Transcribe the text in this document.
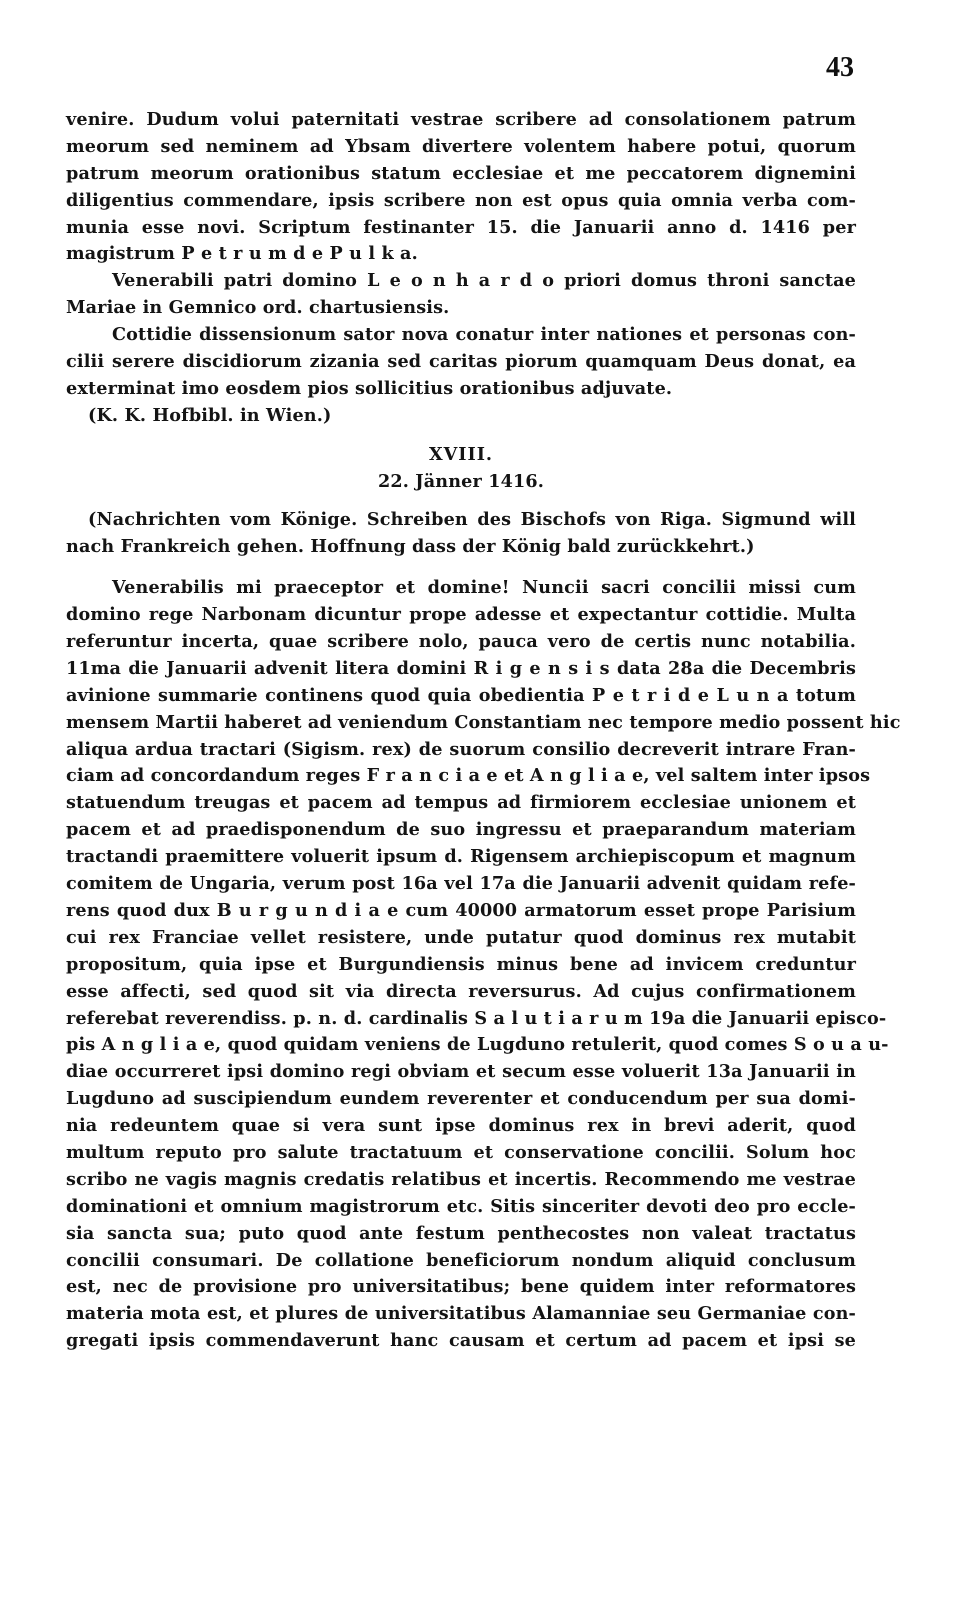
43
venire. Dudum volui paternitati vestrae scribere ad consolationem patrum
meorum sed neminem ad Ybsam divertere volentem habere potui, quorum
patrum meorum orationibus statum ecclesiae et me peccatorem dignemini
diligentius commendare, ipsis scribere non est opus quia omnia verba com-
munia esse novi. Scriptum festinanter 15. die Januarii anno d. 1416 per
magistrum P e t r u m d e P u l k a.
Venerabili patri domino L e o n h a r d o priori domus throni sanctae
Mariae in Gemnico ord. chartusiensis.
Cottidie dissensionum sator nova conatur inter nationes et personas con-
cilii serere discidiorum zizania sed caritas piorum quamquam Deus donat, ea
exterminat imo eosdem pios sollicitius orationibus adjuvate.
(K. K. Hofbibl. in Wien.)
XVIII.
22. Jänner 1416.
(Nachrichten vom Könige. Schreiben des Bischofs von Riga. Sigmund will
nach Frankreich gehen. Hoffnung dass der König bald zurückkehrt.)
Venerabilis mi praeceptor et domine! Nuncii sacri concilii missi cum
domino rege Narbonam dicuntur prope adesse et expectantur cottidie. Multa
referuntur incerta, quae scribere nolo, pauca vero de certis nunc notabilia.
11ma die Januarii advenit litera domini R i g e n s i s data 28a die Decembris
avinione summarie continens quod quia obedientia P e t r i d e L u n a totum
mensem Martii haberet ad veniendum Constantiam nec tempore medio possent hic
aliqua ardua tractari (Sigism. rex) de suorum consilio decreverit intrare Fran-
ciam ad concordandum reges F r a n c i a e et A n g l i a e, vel saltem inter ipsos
statuendum treugas et pacem ad tempus ad firmiorem ecclesiae unionem et
pacem et ad praedisponendum de suo ingressu et praeparandum materiam
tractandi praemittere voluerit ipsum d. Rigensem archiepiscopum et magnum
comitem de Ungaria, verum post 16a vel 17a die Januarii advenit quidam refe-
rens quod dux B u r g u n d i a e cum 40000 armatorum esset prope Parisium
cui rex Franciae vellet resistere, unde putatur quod dominus rex mutabit
propositum, quia ipse et Burgundiensis minus bene ad invicem creduntur
esse affecti, sed quod sit via directa reversurus. Ad cujus confirmationem
referebat reverendiss. p. n. d. cardinalis S a l u t i a r u m 19a die Januarii episco-
pis A n g l i a e, quod quidam veniens de Lugduno retulerit, quod comes S o u a u-
diae occurreret ipsi domino regi obviam et secum esse voluerit 13a Januarii in
Lugduno ad suscipiendum eundem reverenter et conducendum per sua domi-
nia redeuntem quae si vera sunt ipse dominus rex in brevi aderit, quod
multum reputo pro salute tractatuum et conservatione concilii. Solum hoc
scribo ne vagis magnis credatis relatibus et incertis. Recommendo me vestrae
dominationi et omnium magistrorum etc. Sitis sinceriter devoti deo pro eccle-
sia sancta sua; puto quod ante festum penthecostes non valeat tractatus
concilii consumari. De collatione beneficiorum nondum aliquid conclusum
est, nec de provisione pro universitatibus; bene quidem inter reformatores
materia mota est, et plures de universitatibus Alamanniae seu Germaniae con-
gregati ipsis commendaverunt hanc causam et certum ad pacem et ipsi se
